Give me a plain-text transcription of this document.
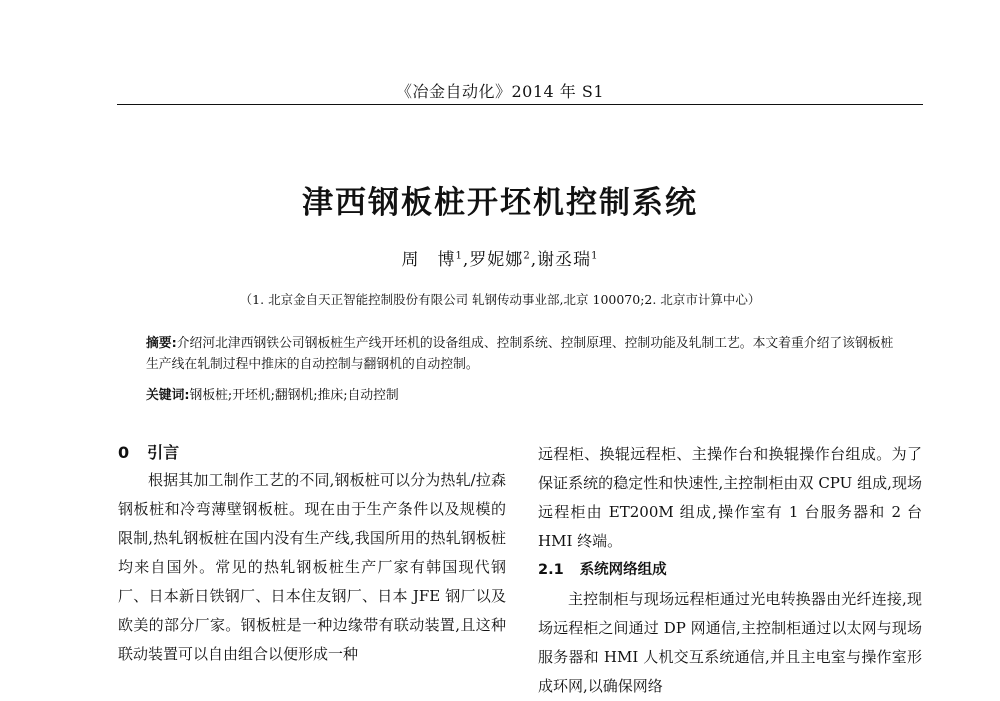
《冶金自动化》2014 年 S1
津西钢板桩开坯机控制系统
周　博$^1$,罗妮娜$^2$,谢丞瑞$^1$
（1. 北京金自天正智能控制股份有限公司 轧钢传动事业部,北京 100070;2. 北京市计算中心）
摘要:介绍河北津西钢铁公司钢板桩生产线开坯机的设备组成、控制系统、控制原理、控制功能及轧制工艺。本文着重介绍了该钢板桩生产线在轧制过程中推床的自动控制与翻钢机的自动控制。
关键词:钢板桩;开坯机;翻钢机;推床;自动控制
0 引言

根据其加工制作工艺的不同,钢板桩可以分为热轧/拉森钢板桩和冷弯薄壁钢板桩。现在由于生产条件以及规模的限制,热轧钢板桩在国内没有生产线,我国所用的热轧钢板桩均来自国外。常见的热轧钢板桩生产厂家有韩国现代钢厂、日本新日铁钢厂、日本住友钢厂、日本 JFE 钢厂以及欧美的部分厂家。钢板桩是一种边缘带有联动装置,且这种联动装置可以自由组合以便形成一种

远程柜、换辊远程柜、主操作台和换辊操作台组成。为了保证系统的稳定性和快速性,主控制柜由双 CPU 组成,现场远程柜由 ET200M 组成,操作室有 1 台服务器和 2 台 HMI 终端。

2.1 系统网络组成

主控制柜与现场远程柜通过光电转换器由光纤连接,现场远程柜之间通过 DP 网通信,主控制柜通过以太网与现场服务器和 HMI 人机交互系统通信,并且主电室与操作室形成环网,以确保网络
